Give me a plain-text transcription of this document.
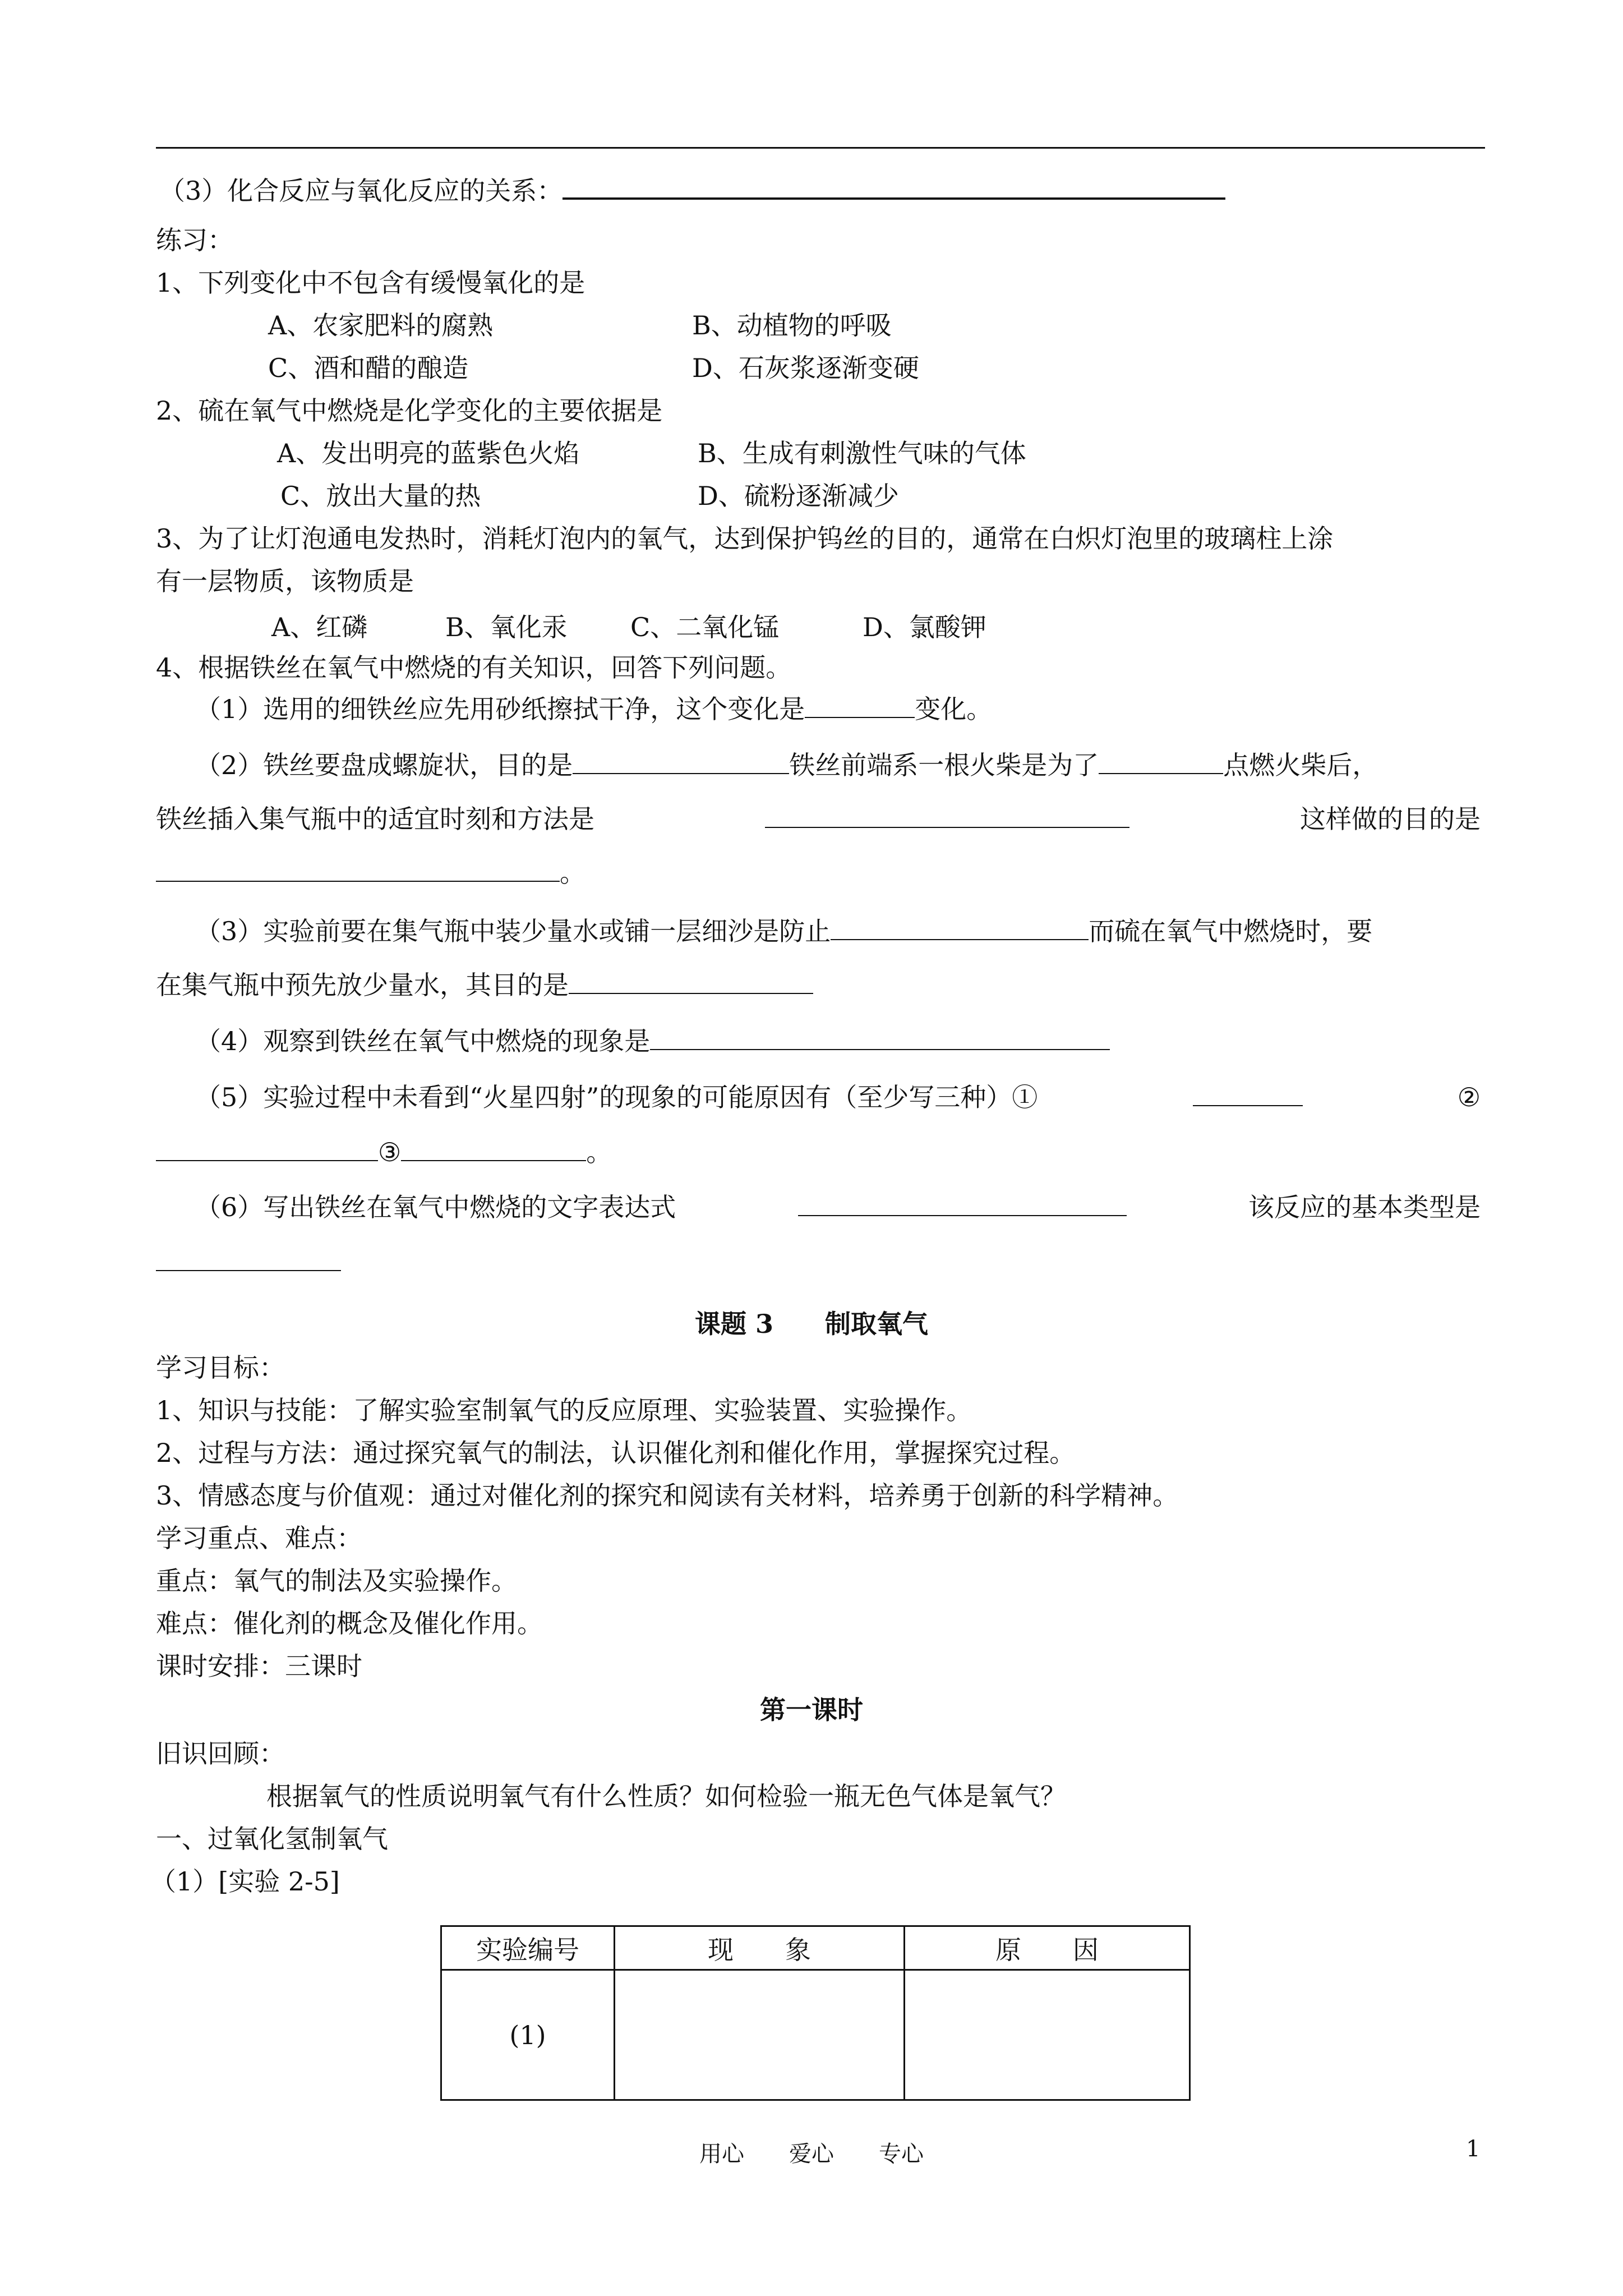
（3）化合反应与氧化反应的关系：
练习：
1、下列变化中不包含有缓慢氧化的是
A、农家肥料的腐熟	B、动植物的呼吸
C、酒和醋的酿造	D、石灰浆逐渐变硬
2、硫在氧气中燃烧是化学变化的主要依据是
A、发出明亮的蓝紫色火焰	B、生成有刺激性气味的气体
C、放出大量的热	D、硫粉逐渐减少
3、为了让灯泡通电发热时，消耗灯泡内的氧气，达到保护钨丝的目的，通常在白炽灯泡里的玻璃柱上涂
有一层物质，该物质是
A、红磷	B、氧化汞 C、二氧化锰	D、氯酸钾
4、根据铁丝在氧气中燃烧的有关知识，回答下列问题。
（1）选用的细铁丝应先用砂纸擦拭干净，这个变化是	变化。
（2）铁丝要盘成螺旋状，目的是	铁丝前端系一根火柴是为了	点燃火柴后，
铁丝插入集气瓶中的适宜时刻和方法是	这样做的目的是
。
（3）实验前要在集气瓶中装少量水或铺一层细沙是防止	而硫在氧气中燃烧时，要
在集气瓶中预先放少量水，其目的是
（4）观察到铁丝在氧气中燃烧的现象是
（5）实验过程中未看到“火星四射”的现象的可能原因有（至少写三种）①	②
③	。
（6）写出铁丝在氧气中燃烧的文字表达式	该反应的基本类型是
课题 3　　制取氧气
学习目标：
1、知识与技能：了解实验室制氧气的反应原理、实验装置、实验操作。
2、过程与方法：通过探究氧气的制法，认识催化剂和催化作用，掌握探究过程。
3、情感态度与价值观：通过对催化剂的探究和阅读有关材料，培养勇于创新的科学精神。
学习重点、难点：
重点：氧气的制法及实验操作。
难点：催化剂的概念及催化作用。
课时安排：三课时
第一课时
旧识回顾：
根据氧气的性质说明氧气有什么性质？如何检验一瓶无色气体是氧气？
一、过氧化氢制氧气
（1）[实验 2-5]
实验编号	现　　象	原　　因
(1)		
用心　　爱心　　专心	1
